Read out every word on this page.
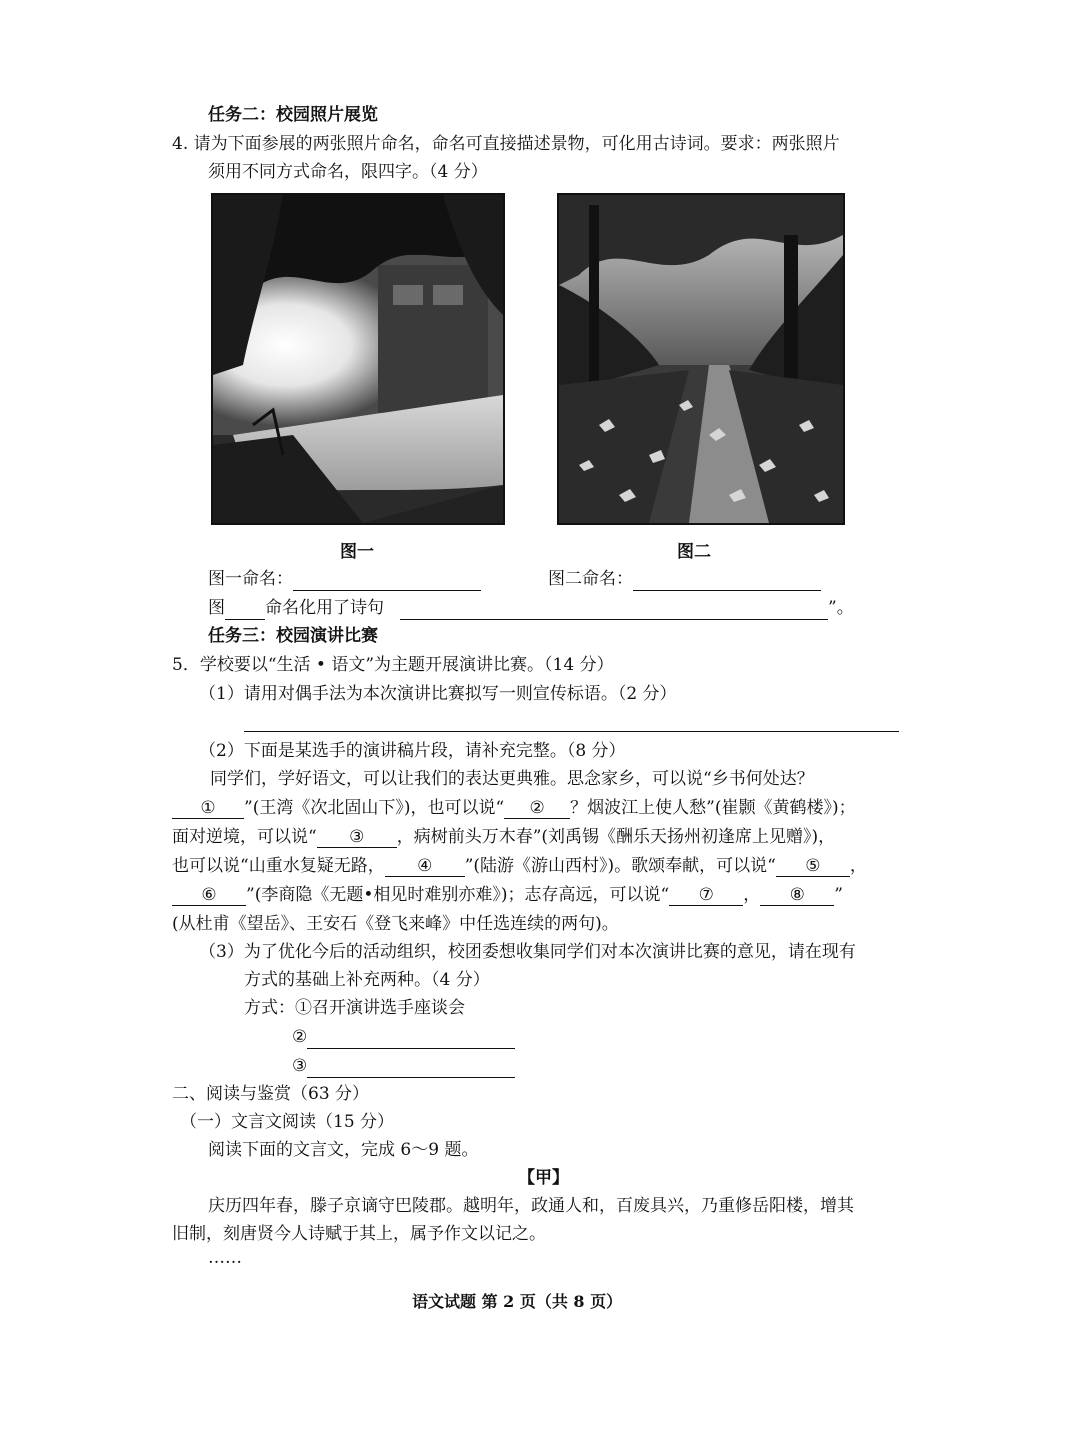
任务二：校园照片展览
4. 请为下面参展的两张照片命名，命名可直接描述景物，可化用古诗词。要求：两张照片
须用不同方式命名，限四字。（4 分）
图一	图二
图一命名：	图二命名：
图 命名化用了诗句	”。
任务三：校园演讲比赛
5．学校要以“生活 • 语文”为主题开展演讲比赛。（14 分）
（1）请用对偶手法为本次演讲比赛拟写一则宣传标语。（2 分）
（2）下面是某选手的演讲稿片段，请补充完整。（8 分）
同学们，学好语文，可以让我们的表达更典雅。思念家乡，可以说“乡书何处达？
① ”(王湾《次北固山下》)，也可以说“ ② ？烟波江上使人愁”(崔颢《黄鹤楼》)；
面对逆境，可以说“ ③ ，病树前头万木春”(刘禹锡《酬乐天扬州初逢席上见赠》)，
也可以说“山重水复疑无路， ④ ”(陆游《游山西村》)。歌颂奉献，可以说“ ⑤ ，
⑥ ”(李商隐《无题•相见时难别亦难》)；志存高远，可以说“ ⑦ ， ⑧ ”
(从杜甫《望岳》、王安石《登飞来峰》中任选连续的两句)。
（3）为了优化今后的活动组织，校团委想收集同学们对本次演讲比赛的意见，请在现有
方式的基础上补充两种。（4 分）
方式：①召开演讲选手座谈会
②
③
二、阅读与鉴赏（63 分）
（一）文言文阅读（15 分）
阅读下面的文言文，完成 6～9 题。
【甲】
庆历四年春，滕子京谪守巴陵郡。越明年，政通人和，百废具兴，乃重修岳阳楼，增其
旧制，刻唐贤今人诗赋于其上，属予作文以记之。
……
语文试题 第 2 页（共 8 页）
